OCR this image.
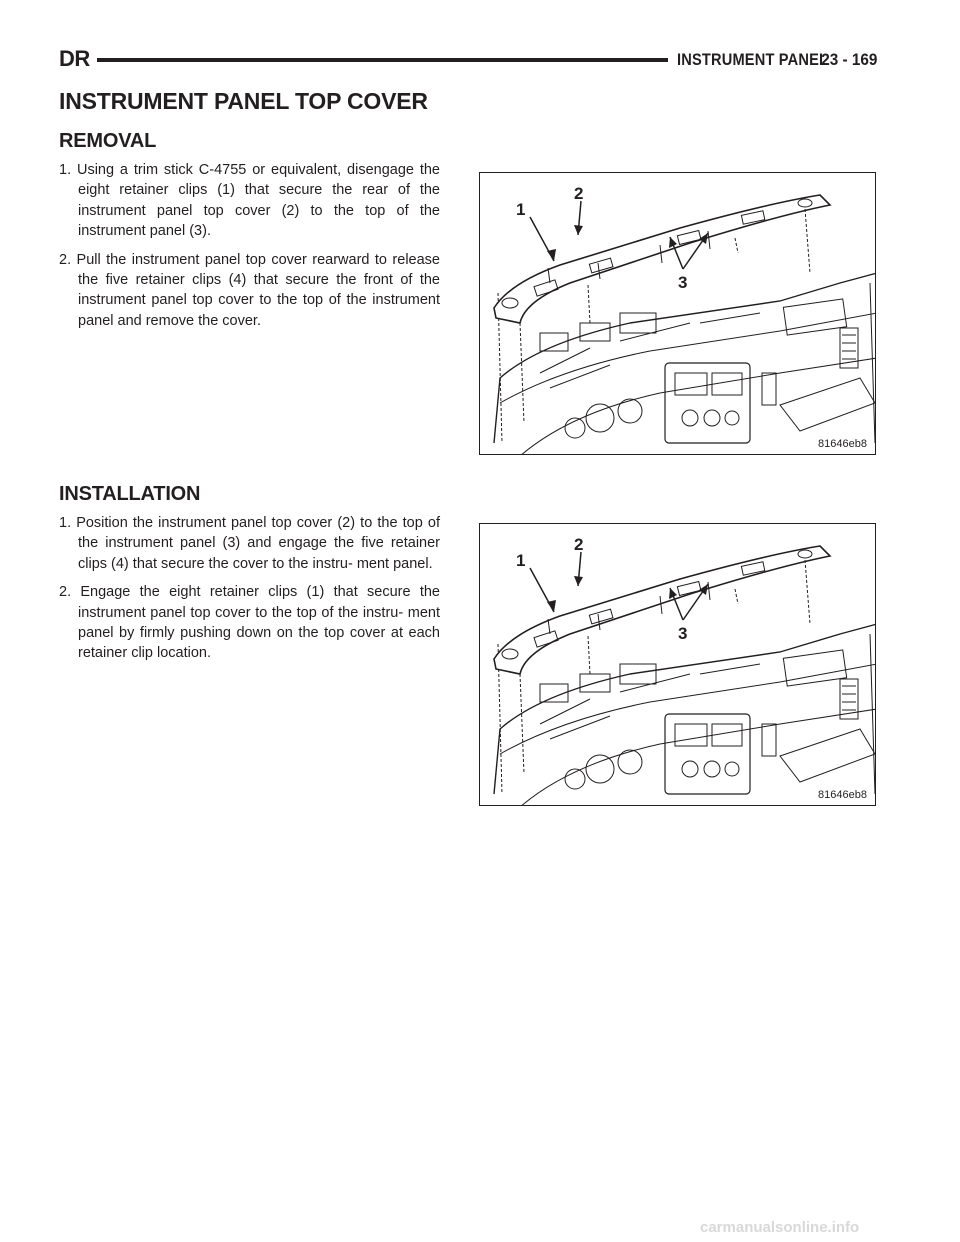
DR	INSTRUMENT PANEL
23 - 169
INSTRUMENT PANEL TOP COVER
REMOVAL
1. Using a trim stick C-4755 or equivalent, disengage the eight retainer clips (1) that secure the rear of the instrument panel top cover (2) to the top of the instrument panel (3).
2. Pull the instrument panel top cover rearward to release the five retainer clips (4) that secure the front of the instrument panel top cover to the top of the instrument panel and remove the cover.
1
2
3
81646eb8
INSTALLATION
1. Position the instrument panel top cover (2) to the top of the instrument panel (3) and engage the five retainer clips (4) that secure the cover to the instru- ment panel.
2. Engage the eight retainer clips (1) that secure the instrument panel top cover to the top of the instru- ment panel by firmly pushing down on the top cover at each retainer clip location.
1
2
3
81646eb8
carmanualsonline.info
